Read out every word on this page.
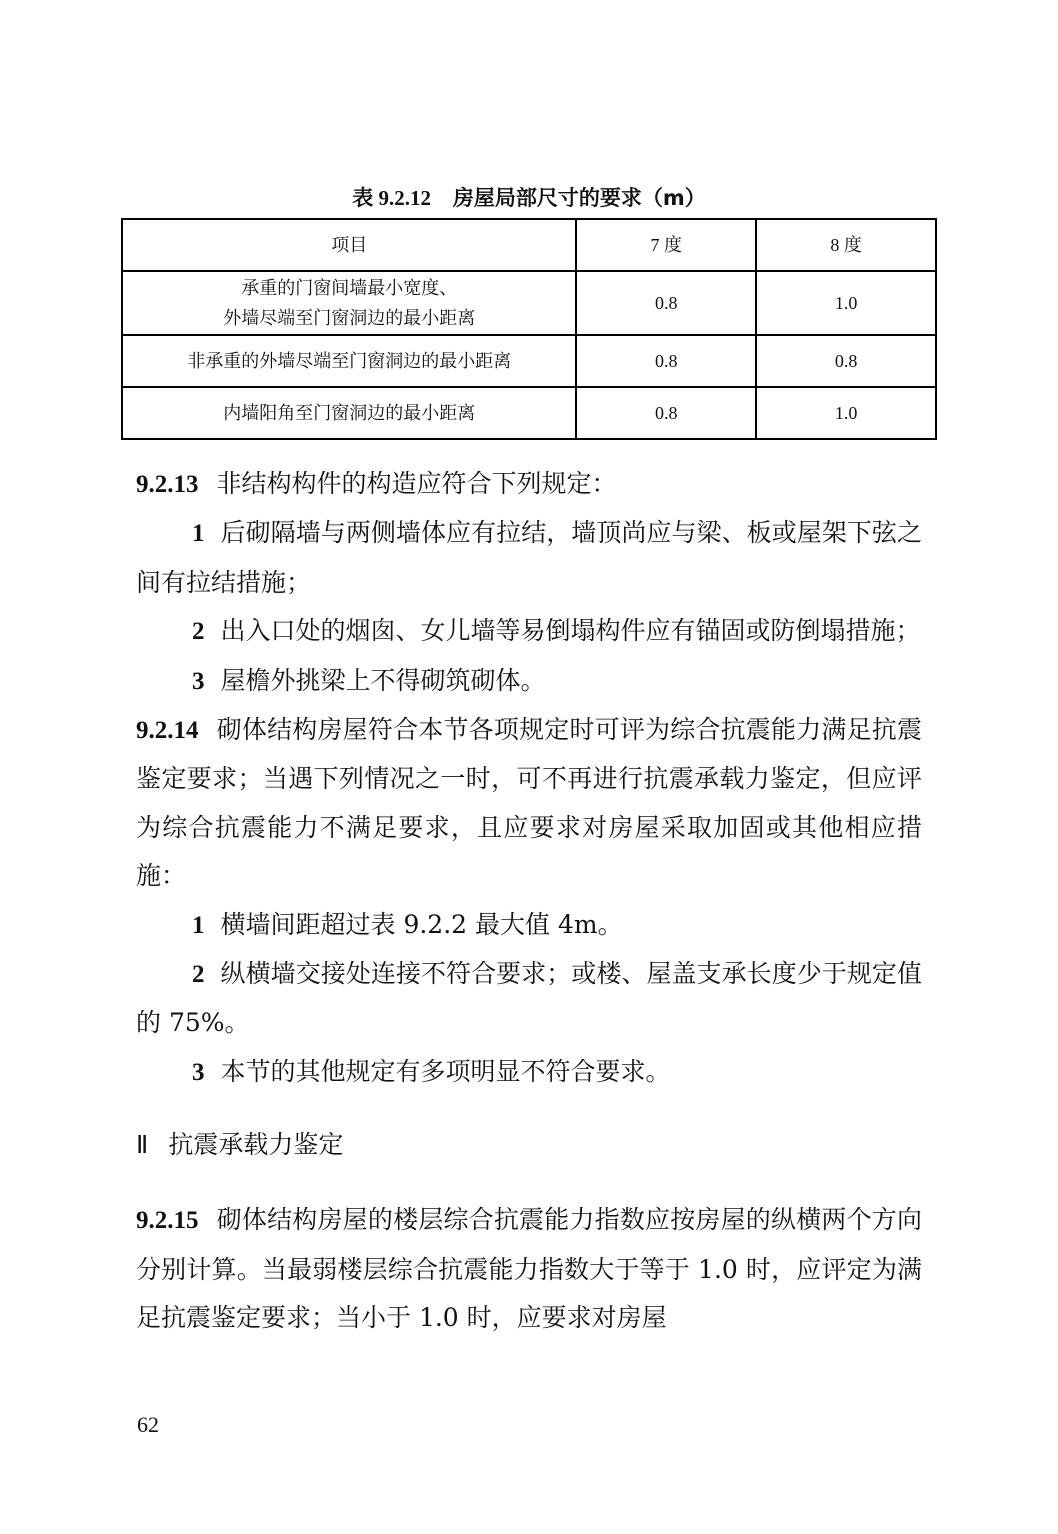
表 9.2.12 房屋局部尺寸的要求（m）
项目	7 度	8 度

承重的门窗间墙最小宽度、
外墙尽端至门窗洞边的最小距离	0.8	1.0
非承重的外墙尽端至门窗洞边的最小距离	0.8	0.8
内墙阳角至门窗洞边的最小距离	0.8	1.0

9.2.13 非结构构件的构造应符合下列规定：

1 后砌隔墙与两侧墙体应有拉结，墙顶尚应与梁、板或屋架下弦之间有拉结措施；

2 出入口处的烟囱、女儿墙等易倒塌构件应有锚固或防倒塌措施；

3 屋檐外挑梁上不得砌筑砌体。

9.2.14 砌体结构房屋符合本节各项规定时可评为综合抗震能力满足抗震鉴定要求；当遇下列情况之一时，可不再进行抗震承载力鉴定，但应评为综合抗震能力不满足要求，且应要求对房屋采取加固或其他相应措施：

1 横墙间距超过表 9.2.2 最大值 4m。

2 纵横墙交接处连接不符合要求；或楼、屋盖支承长度少于规定值的 75%。

3 本节的其他规定有多项明显不符合要求。

Ⅱ 抗震承载力鉴定

9.2.15 砌体结构房屋的楼层综合抗震能力指数应按房屋的纵横两个方向分别计算。当最弱楼层综合抗震能力指数大于等于 1.0 时，应评定为满足抗震鉴定要求；当小于 1.0 时，应要求对房屋

62
